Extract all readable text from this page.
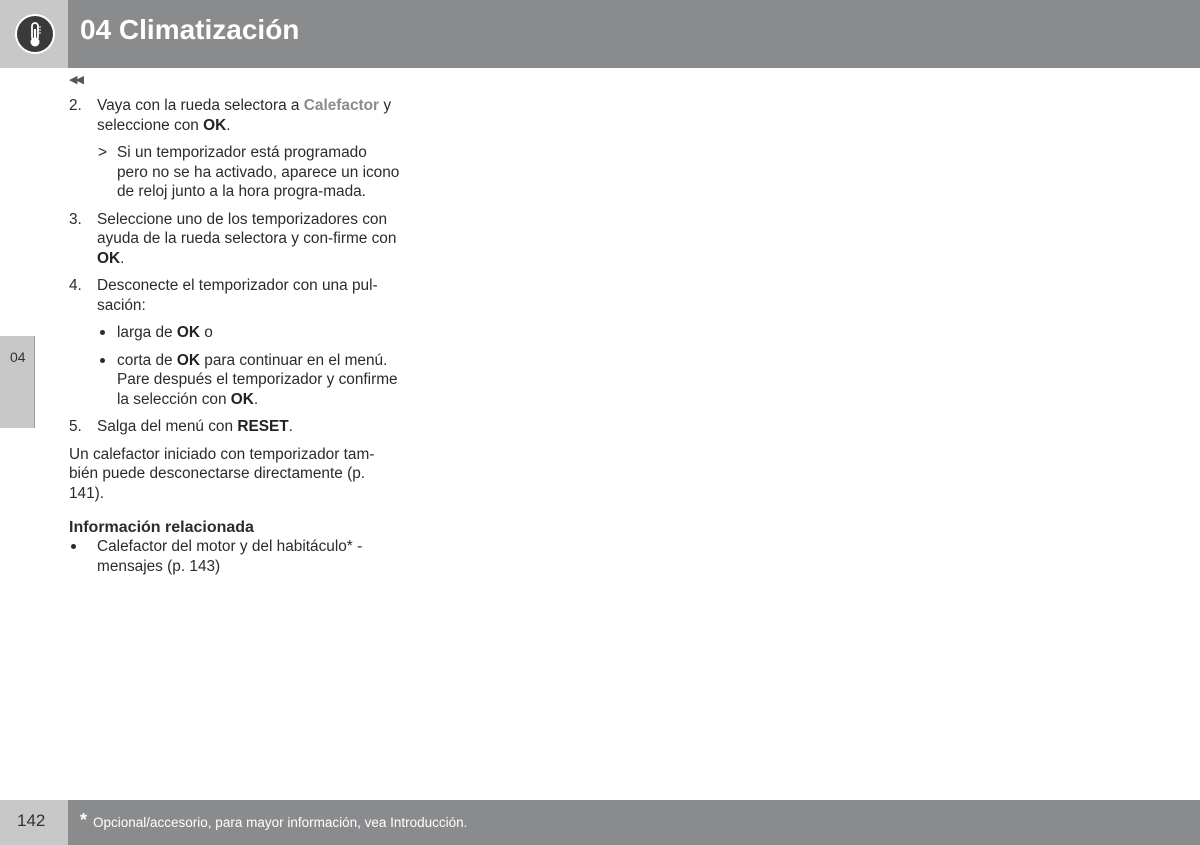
04 Climatización
◀◀
04
2. Vaya con la rueda selectora a Calefactor y seleccione con OK.
> Si un temporizador está programado pero no se ha activado, aparece un icono de reloj junto a la hora progra-mada.
3. Seleccione uno de los temporizadores con ayuda de la rueda selectora y con-firme con OK.
4. Desconecte el temporizador con una pul-sación:
larga de OK o
corta de OK para continuar en el menú. Pare después el temporizador y confirme la selección con OK.
5. Salga del menú con RESET.

Un calefactor iniciado con temporizador tam-bién puede desconectarse directamente (p. 141).

Información relacionada
Calefactor del motor y del habitáculo* - mensajes (p. 143)
142 * Opcional/accesorio, para mayor información, vea Introducción.
